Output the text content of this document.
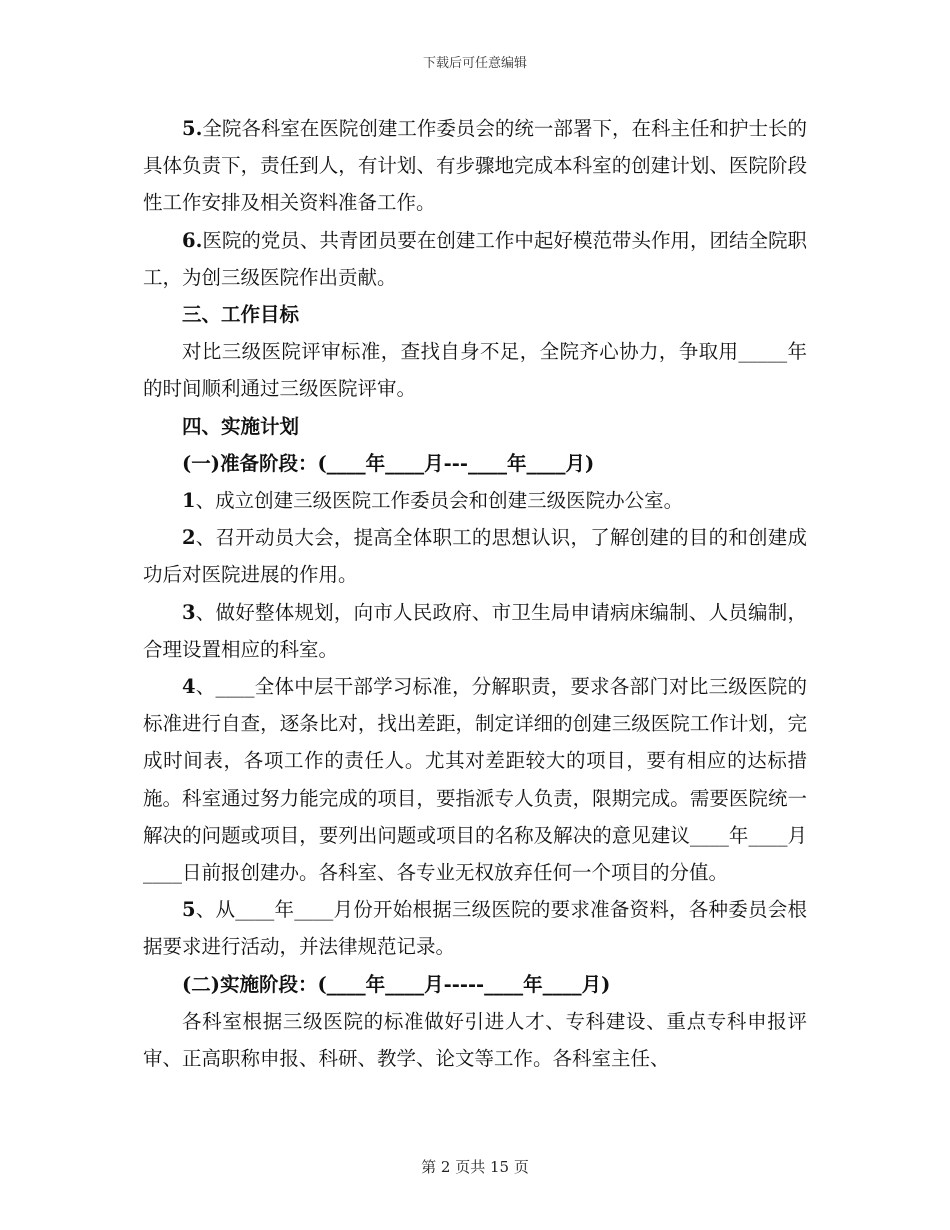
下载后可任意编辑

5.全院各科室在医院创建工作委员会的统一部署下，在科主任和护士长的具体负责下，责任到人，有计划、有步骤地完成本科室的创建计划、医院阶段性工作安排及相关资料准备工作。

6.医院的党员、共青团员要在创建工作中起好模范带头作用，团结全院职工，为创三级医院作出贡献。

三、工作目标

对比三级医院评审标准，查找自身不足，全院齐心协力，争取用_____年的时间顺利通过三级医院评审。

四、实施计划

(一)准备阶段：(____年____月---____年____月)

1、成立创建三级医院工作委员会和创建三级医院办公室。

2、召开动员大会，提高全体职工的思想认识，了解创建的目的和创建成功后对医院进展的作用。

3、做好整体规划，向市人民政府、市卫生局申请病床编制、人员编制，合理设置相应的科室。

4、____全体中层干部学习标准，分解职责，要求各部门对比三级医院的标准进行自查，逐条比对，找出差距，制定详细的创建三级医院工作计划，完成时间表，各项工作的责任人。尤其对差距较大的项目，要有相应的达标措施。科室通过努力能完成的项目，要指派专人负责，限期完成。需要医院统一解决的问题或项目，要列出问题或项目的名称及解决的意见建议____年____月____日前报创建办。各科室、各专业无权放弃任何一个项目的分值。

5、从____年____月份开始根据三级医院的要求准备资料，各种委员会根据要求进行活动，并法律规范记录。

(二)实施阶段：(____年____月-----____年____月)

各科室根据三级医院的标准做好引进人才、专科建设、重点专科申报评审、正高职称申报、科研、教学、论文等工作。各科室主任、

第 2 页共 15 页
